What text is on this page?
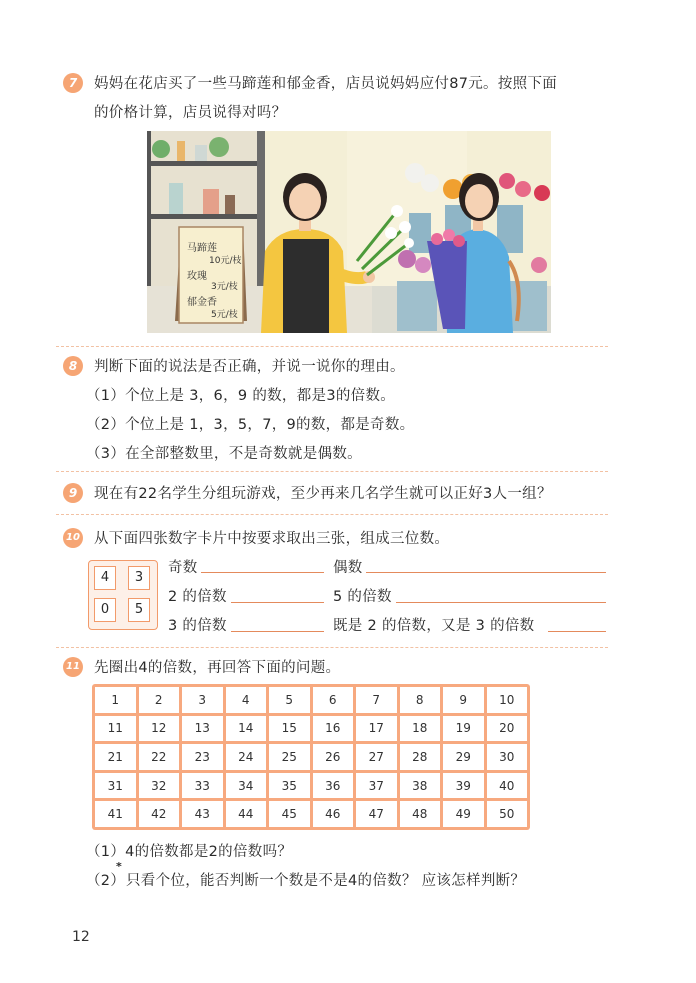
7	妈妈在花店买了一些马蹄莲和郁金香，店员说妈妈应付87元。按照下面
的价格计算，店员说得对吗？
马蹄莲
10元/枝
玫瑰
3元/枝
郁金香
5元/枝
8	判断下面的说法是否正确，并说一说你的理由。
（1）个位上是 3，6，9 的数，都是3的倍数。
（2）个位上是 1，3，5，7，9的数，都是奇数。
（3）在全部整数里，不是奇数就是偶数。
9	现在有22名学生分组玩游戏，至少再来几名学生就可以正好3人一组？
10 从下面四张数字卡片中按要求取出三张，组成三位数。
4	3
0	5
奇数	偶数
2 的倍数	5 的倍数
3 的倍数	既是 2 的倍数，又是 3 的倍数
11 先圈出4的倍数，再回答下面的问题。
1	2	3	4	5	6	7	8	9	10
11	12	13	14	15	16	17	18	19	20
21	22	23	24	25	26	27	28	29	30
31	32	33	34	35	36	37	38	39	40
41	42	43	44	45	46	47	48	49	50
（1）4的倍数都是2的倍数吗？
（2）
*
只看个位，能否判断一个数是不是4的倍数？ 应该怎样判断？
12
